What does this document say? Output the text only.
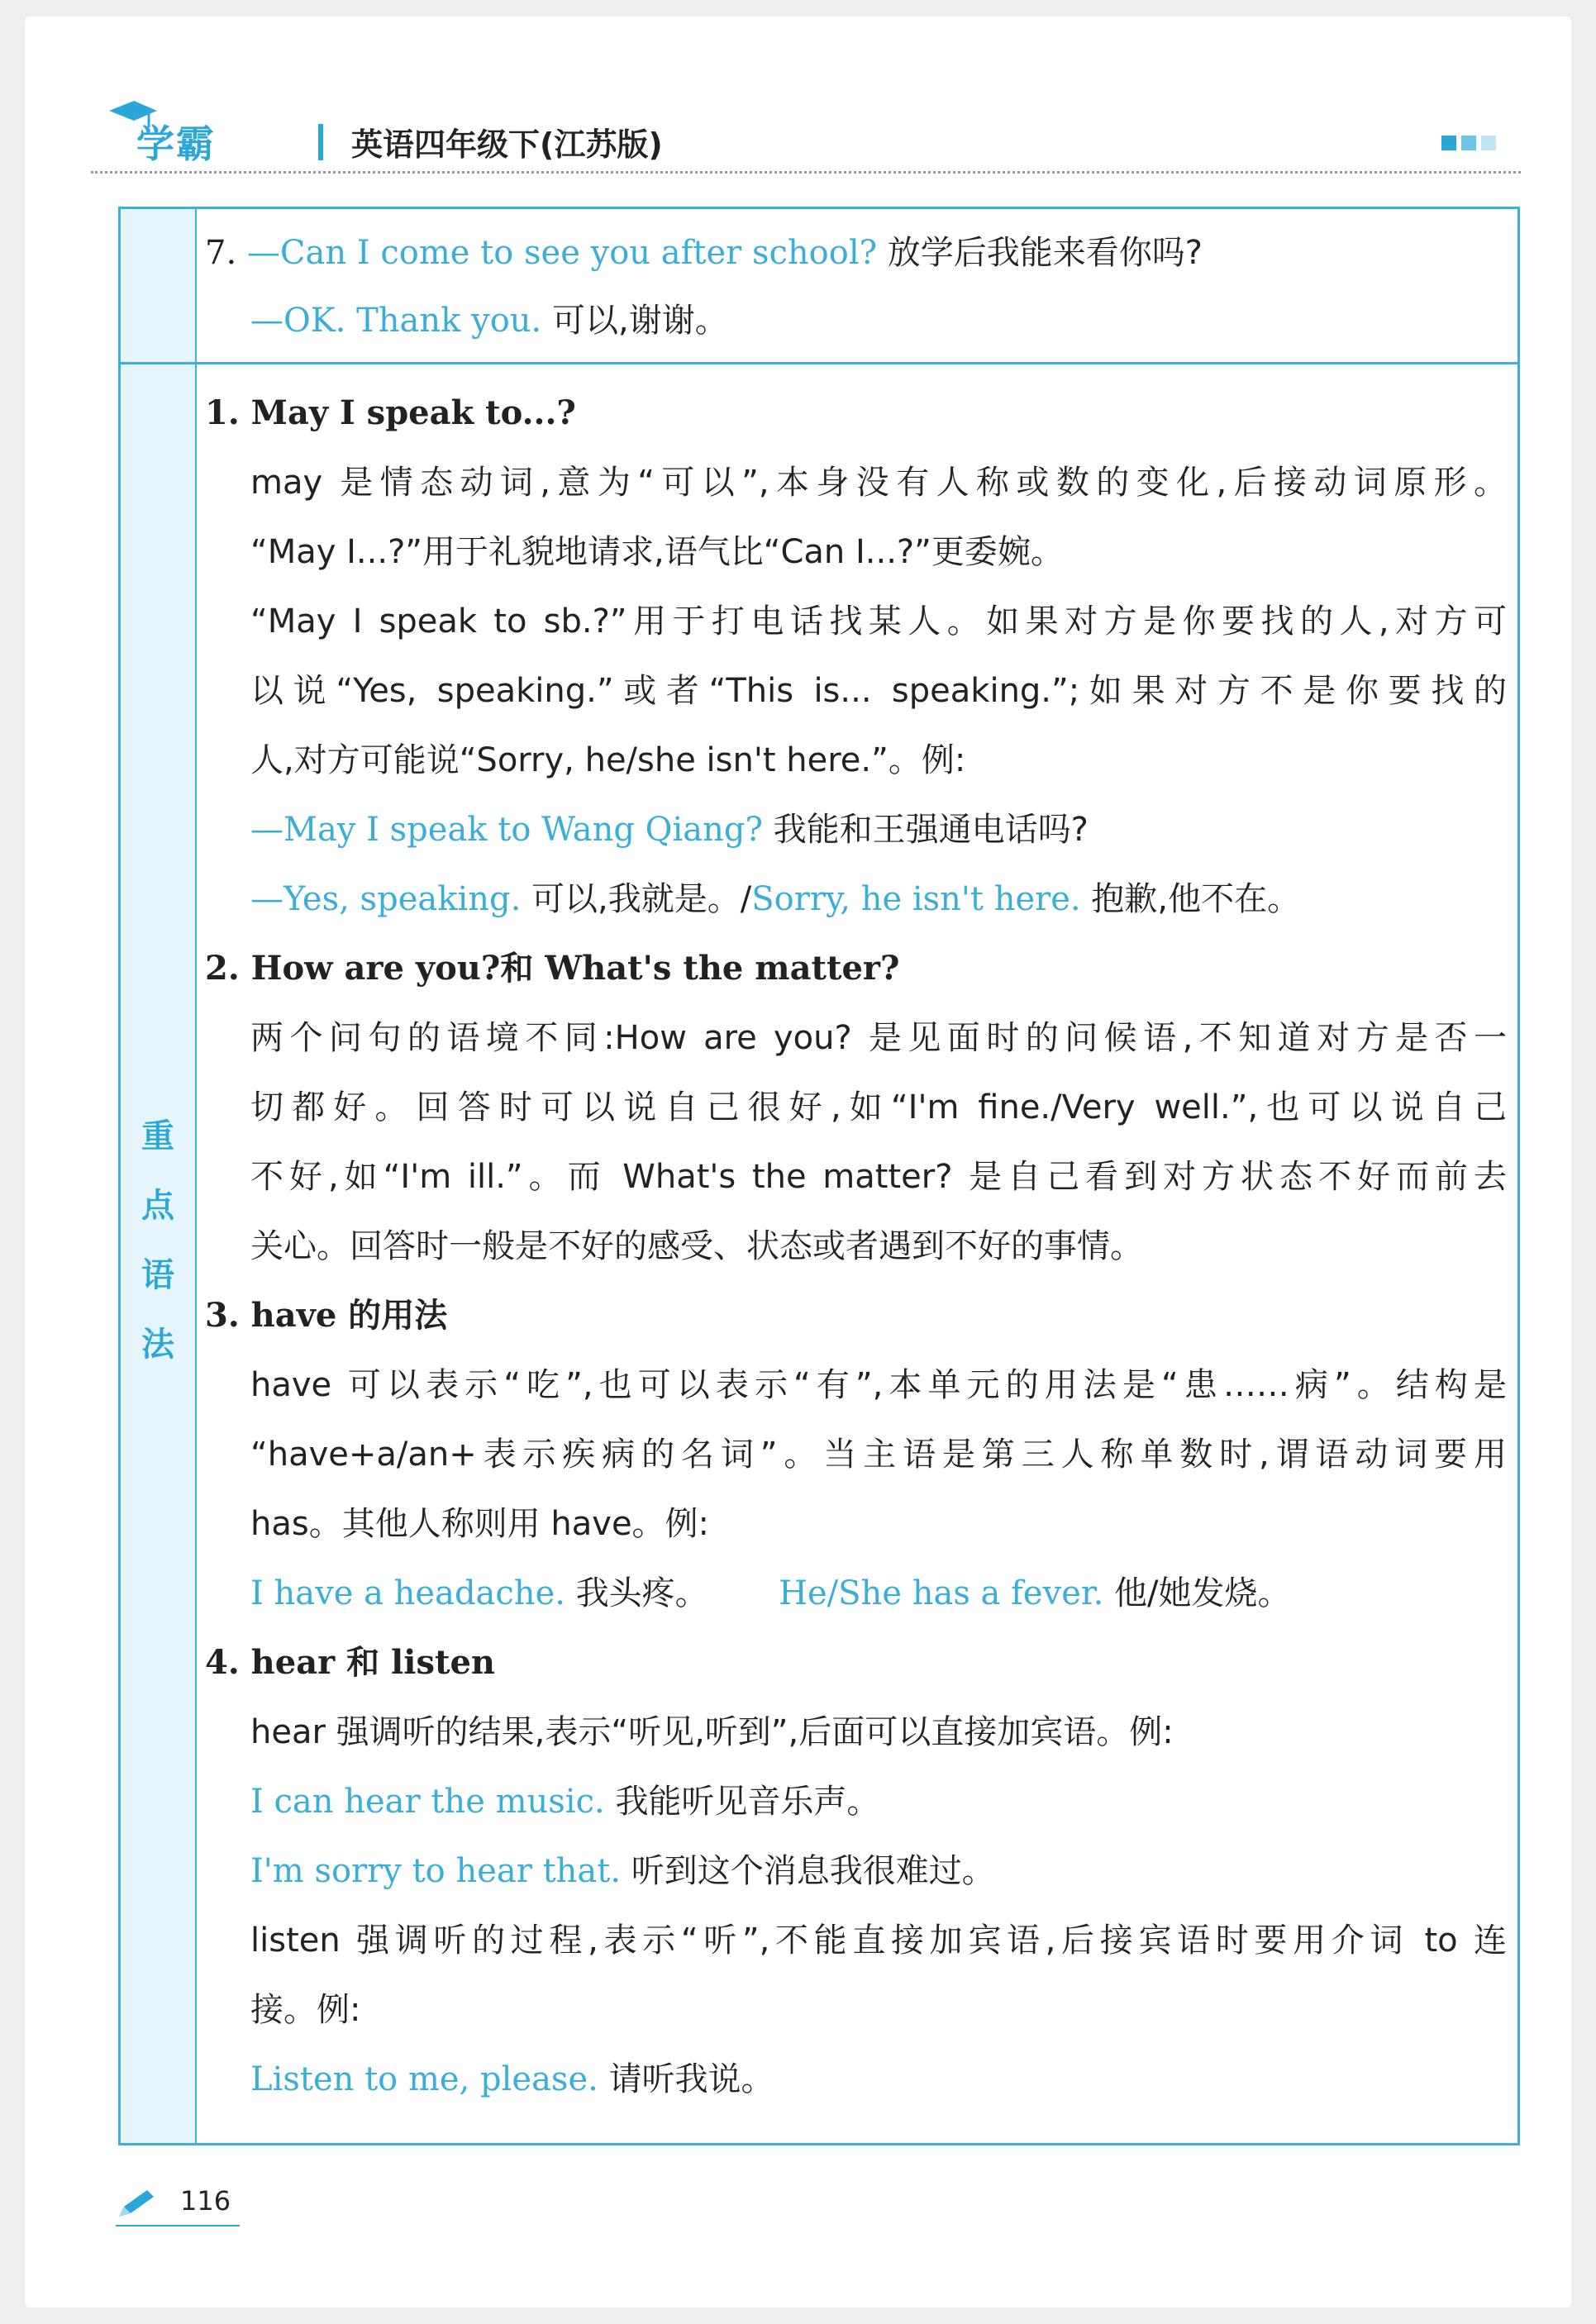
学霸	英语四年级下(江苏版)
重
点
语
法
7. —Can I come to see you after school? 放学后我能来看你吗?
—OK. Thank you. 可以,谢谢。
1. May I speak to...?
may 是情态动词,意为“可以”,本身没有人称或数的变化,后接动词原形。
“May I...?”用于礼貌地请求,语气比“Can I...?”更委婉。
“May I speak to sb.?”用于打电话找某人。如果对方是你要找的人,对方可
以说“Yes, speaking.”或者“This is... speaking.”;如果对方不是你要找的
人,对方可能说“Sorry, he/she isn't here.”。例:
—May I speak to Wang Qiang? 我能和王强通电话吗?
—Yes, speaking. 可以,我就是。/Sorry, he isn't here. 抱歉,他不在。
2. How are you?和 What's the matter?
两个问句的语境不同:How are you? 是见面时的问候语,不知道对方是否一
切都好。回答时可以说自己很好,如“I'm fine./Very well.”,也可以说自己
不好,如“I'm ill.”。而 What's the matter? 是自己看到对方状态不好而前去
关心。回答时一般是不好的感受、状态或者遇到不好的事情。
3. have 的用法
have 可以表示“吃”,也可以表示“有”,本单元的用法是“患……病”。结构是
“have+a/an+表示疾病的名词”。当主语是第三人称单数时,谓语动词要用
has。其他人称则用 have。例:
I have a headache. 我头疼。 He/She has a fever. 他/她发烧。
4. hear 和 listen
hear 强调听的结果,表示“听见,听到”,后面可以直接加宾语。例:
I can hear the music. 我能听见音乐声。
I'm sorry to hear that. 听到这个消息我很难过。
listen 强调听的过程,表示“听”,不能直接加宾语,后接宾语时要用介词 to 连
接。例:
Listen to me, please. 请听我说。
116
